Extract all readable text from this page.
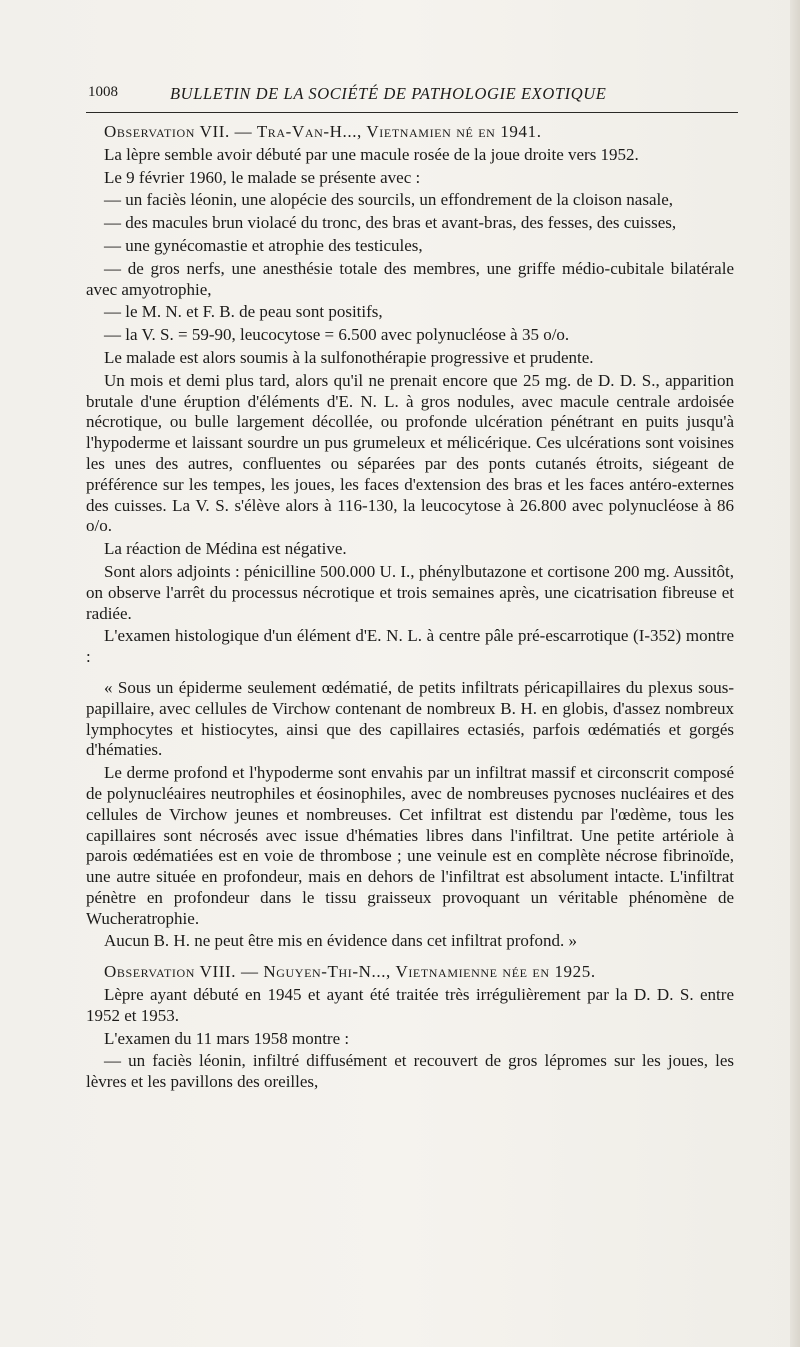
1008	BULLETIN DE LA SOCIÉTÉ DE PATHOLOGIE EXOTIQUE

Observation VII. — Tra-Van-H..., Vietnamien né en 1941.

La lèpre semble avoir débuté par une macule rosée de la joue droite vers 1952.

Le 9 février 1960, le malade se présente avec :

— un faciès léonin, une alopécie des sourcils, un effondrement de la cloison nasale,

— des macules brun violacé du tronc, des bras et avant-bras, des fesses, des cuisses,

— une gynécomastie et atrophie des testicules,

— de gros nerfs, une anesthésie totale des membres, une griffe médio-cubitale bilatérale avec amyotrophie,

— le M. N. et F. B. de peau sont positifs,

— la V. S. = 59-90, leucocytose = 6.500 avec polynucléose à 35 o/o.

Le malade est alors soumis à la sulfonothérapie progressive et prudente.

Un mois et demi plus tard, alors qu'il ne prenait encore que 25 mg. de D. D. S., apparition brutale d'une éruption d'éléments d'E. N. L. à gros nodules, avec macule centrale ardoisée nécrotique, ou bulle largement décollée, ou profonde ulcération pénétrant en puits jusqu'à l'hypoderme et laissant sourdre un pus grumeleux et mélicérique. Ces ulcérations sont voisines les unes des autres, confluentes ou séparées par des ponts cutanés étroits, siégeant de préférence sur les tempes, les joues, les faces d'extension des bras et les faces antéro-externes des cuisses. La V. S. s'élève alors à 116-130, la leucocytose à 26.800 avec polynucléose à 86 o/o.

La réaction de Médina est négative.

Sont alors adjoints : pénicilline 500.000 U. I., phénylbutazone et cortisone 200 mg. Aussitôt, on observe l'arrêt du processus nécrotique et trois semaines après, une cicatrisation fibreuse et radiée.

L'examen histologique d'un élément d'E. N. L. à centre pâle pré-escarrotique (I-352) montre :

« Sous un épiderme seulement œdématié, de petits infiltrats péricapillaires du plexus sous-papillaire, avec cellules de Virchow contenant de nombreux B. H. en globis, d'assez nombreux lymphocytes et histiocytes, ainsi que des capillaires ectasiés, parfois œdématiés et gorgés d'hématies.

Le derme profond et l'hypoderme sont envahis par un infiltrat massif et circonscrit composé de polynucléaires neutrophiles et éosinophiles, avec de nombreuses pycnoses nucléaires et des cellules de Virchow jeunes et nombreuses. Cet infiltrat est distendu par l'œdème, tous les capillaires sont nécrosés avec issue d'hématies libres dans l'infiltrat. Une petite artériole à parois œdématiées est en voie de thrombose ; une veinule est en complète nécrose fibrinoïde, une autre située en profondeur, mais en dehors de l'infiltrat est absolument intacte. L'infiltrat pénètre en profondeur dans le tissu graisseux provoquant un véritable phénomène de Wucheratrophie.

Aucun B. H. ne peut être mis en évidence dans cet infiltrat profond. »

Observation VIII. — Nguyen-Thi-N..., Vietnamienne née en 1925.

Lèpre ayant débuté en 1945 et ayant été traitée très irrégulièrement par la D. D. S. entre 1952 et 1953.

L'examen du 11 mars 1958 montre :

— un faciès léonin, infiltré diffusément et recouvert de gros lépromes sur les joues, les lèvres et les pavillons des oreilles,
